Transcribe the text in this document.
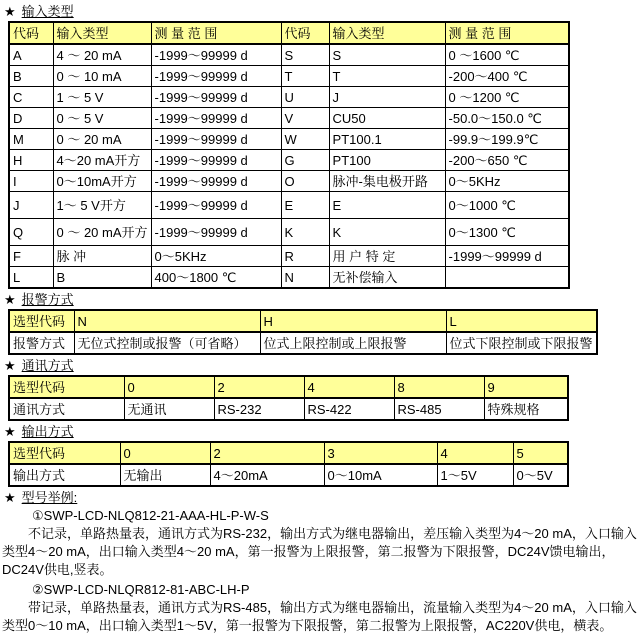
★ 输入类型
代码	输入类型	测 量 范 围	代码	输入类型	测 量 范 围
A	4 ～ 20 mA	-1999～99999 d	S	S	0 ～1600 ℃
B	0 ～ 10 mA	-1999～99999 d	T	T	-200～400 ℃
C	1 ～ 5 V	-1999～99999 d	U	J	0 ～1200 ℃
D	0 ～ 5 V	-1999～99999 d	V	CU50	-50.0～150.0 ℃
M	0 ～ 20 mA	-1999～99999 d	W	PT100.1	-99.9～199.9℃
H	4～20 mA开方	-1999～99999 d	G	PT100	-200～650 ℃
I	0～10mA开方	-1999～99999 d	O	脉冲-集电极开路	0～5KHz
J	1～ 5 V开方	-1999～99999 d	E	E	0～1000 ℃
Q	0 ～ 20 mA开方	-1999～99999 d	K	K	0～1300 ℃
F	脉 冲	0～5KHz	R	用 户 特 定	-1999～99999 d
L	B	400～1800 ℃	N	无补偿输入	
★ 报警方式
选型代码	N	H	L
报警方式	无位式控制或报警（可省略）	位式上限控制或上限报警	位式下限控制或下限报警
★ 通讯方式
选型代码	0	2	4	8	9
通讯方式	无通讯	RS-232	RS-422	RS-485	特殊规格
★ 输出方式
选型代码	0	2	3	4	5
输出方式	无输出	4～20mA	0～10mA	1～5V	0～5V
★ 型号举例:
①SWP-LCD-NLQ812-21-AAA-HL-P-W-S

不记录，单路热量表，通讯方式为RS-232，输出方式为继电器输出，差压输入类型为4～20 mA，入口输入类型4～20 mA，出口输入类型4～20 mA，第一报警为上限报警，第二报警为下限报警，DC24V馈电输出，DC24V供电,竖表。

②SWP-LCD-NLQR812-81-ABC-LH-P

带记录，单路热量表，通讯方式为RS-485，输出方式为继电器输出，流量输入类型为4～20 mA，入口输入类型0～10 mA，出口输入类型1～5V，第一报警为下限报警，第二报警为上限报警，AC220V供电，横表。
